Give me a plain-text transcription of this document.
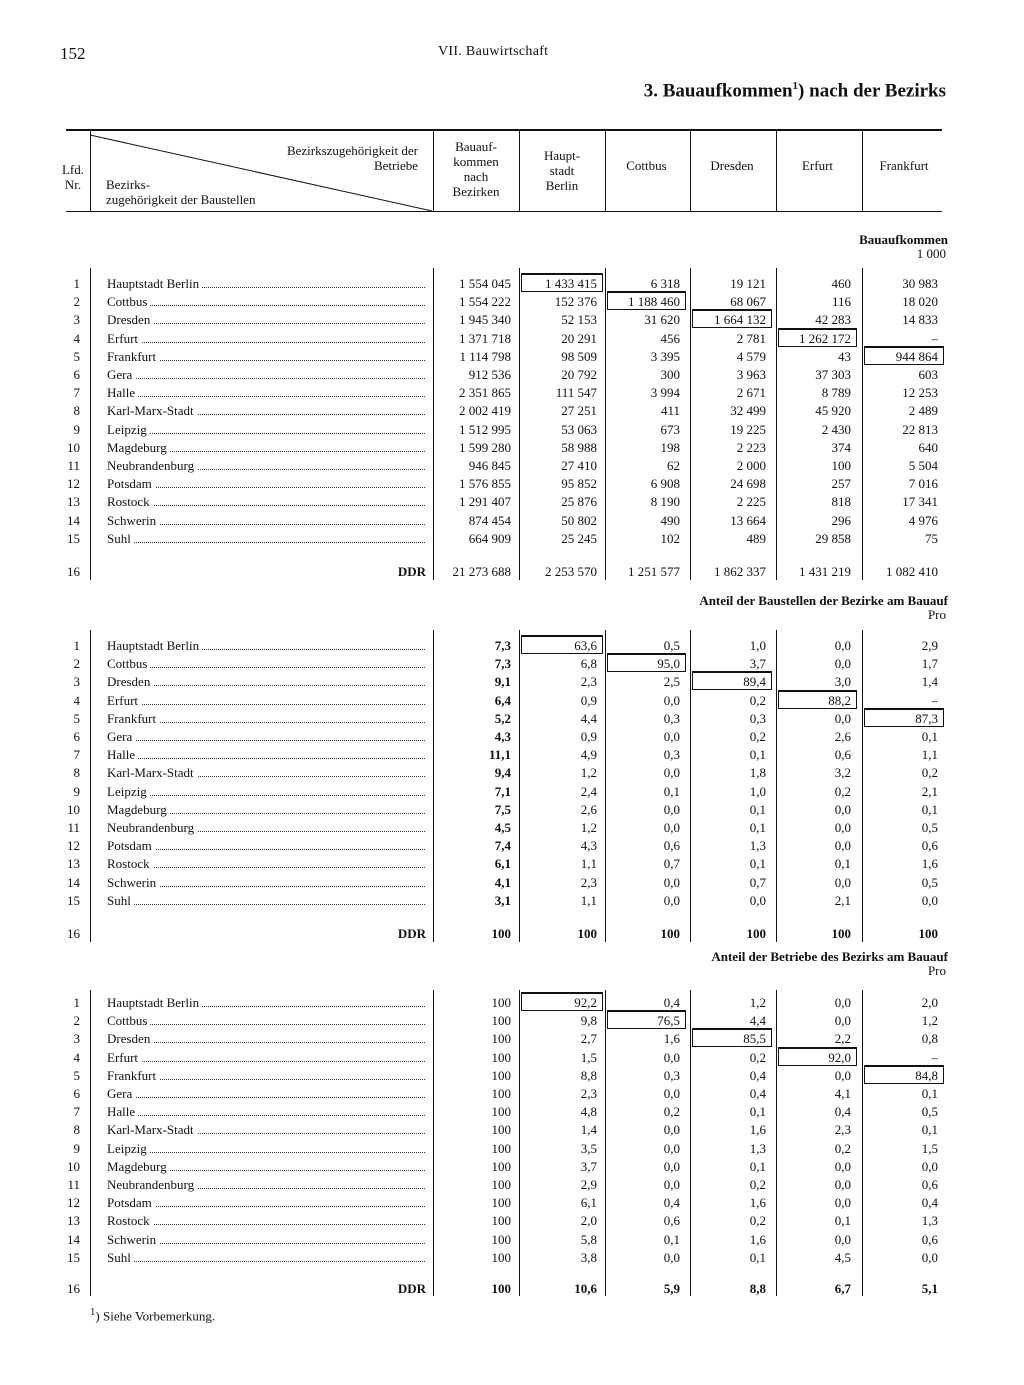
152	VII. Bauwirtschaft
3. Bauaufkommen$^1$) nach der Bezirks
Lfd.
Nr.
Bezirkszugehörigkeit der
Betriebe
Bezirks-
zugehörigkeit der Baustellen
Bauauf-
kommen
nach
Bezirken
Haupt-
stadt
Berlin
Cottbus	Dresden	Erfurt	Frankfurt
Bauaufkommen
1 000
1 Hauptstadt Berlin	1 554 045	1 433 415	6 318	19 121	460	30 983
2 Cottbus	1 554 222	152 376	1 188 460	68 067	116	18 020
3 Dresden	1 945 340	52 153	31 620	1 664 132	42 283	14 833
4 Erfurt	1 371 718	20 291	456	2 781	1 262 172	–
5 Frankfurt	1 114 798	98 509	3 395	4 579	43	944 864
6 Gera	912 536	20 792	300	3 963	37 303	603
7 Halle	2 351 865	111 547	3 994	2 671	8 789	12 253
8 Karl-Marx-Stadt	2 002 419	27 251	411	32 499	45 920	2 489
9 Leipzig	1 512 995	53 063	673	19 225	2 430	22 813
10 Magdeburg	1 599 280	58 988	198	2 223	374	640
11 Neubrandenburg	946 845	27 410	62	2 000	100	5 504
12 Potsdam	1 576 855	95 852	6 908	24 698	257	7 016
13 Rostock	1 291 407	25 876	8 190	2 225	818	17 341
14 Schwerin	874 454	50 802	490	13 664	296	4 976
15 Suhl	664 909	25 245	102	489	29 858	75
16	DDR	21 273 688	2 253 570	1 251 577	1 862 337	1 431 219	1 082 410
Anteil der Baustellen der Bezirke am Bauauf
Pro
1 Hauptstadt Berlin	7,3	63,6	0,5	1,0	0,0	2,9
2 Cottbus	7,3	6,8	95,0	3,7	0,0	1,7
3 Dresden	9,1	2,3	2,5	89,4	3,0	1,4
4 Erfurt	6,4	0,9	0,0	0,2	88,2	–
5 Frankfurt	5,2	4,4	0,3	0,3	0,0	87,3
6 Gera	4,3	0,9	0,0	0,2	2,6	0,1
7 Halle	11,1	4,9	0,3	0,1	0,6	1,1
8 Karl-Marx-Stadt	9,4	1,2	0,0	1,8	3,2	0,2
9 Leipzig	7,1	2,4	0,1	1,0	0,2	2,1
10 Magdeburg	7,5	2,6	0,0	0,1	0,0	0,1
11 Neubrandenburg	4,5	1,2	0,0	0,1	0,0	0,5
12 Potsdam	7,4	4,3	0,6	1,3	0,0	0,6
13 Rostock	6,1	1,1	0,7	0,1	0,1	1,6
14 Schwerin	4,1	2,3	0,0	0,7	0,0	0,5
15 Suhl	3,1	1,1	0,0	0,0	2,1	0,0
16	DDR	100	100	100	100	100	100
Anteil der Betriebe des Bezirks am Bauauf
Pro
1 Hauptstadt Berlin	100	92,2	0,4	1,2	0,0	2,0
2 Cottbus	100	9,8	76,5	4,4	0,0	1,2
3 Dresden	100	2,7	1,6	85,5	2,2	0,8
4 Erfurt	100	1,5	0,0	0,2	92,0	–
5 Frankfurt	100	8,8	0,3	0,4	0,0	84,8
6 Gera	100	2,3	0,0	0,4	4,1	0,1
7 Halle	100	4,8	0,2	0,1	0,4	0,5
8 Karl-Marx-Stadt	100	1,4	0,0	1,6	2,3	0,1
9 Leipzig	100	3,5	0,0	1,3	0,2	1,5
10 Magdeburg	100	3,7	0,0	0,1	0,0	0,0
11 Neubrandenburg	100	2,9	0,0	0,2	0,0	0,6
12 Potsdam	100	6,1	0,4	1,6	0,0	0,4
13 Rostock	100	2,0	0,6	0,2	0,1	1,3
14 Schwerin	100	5,8	0,1	1,6	0,0	0,6
15 Suhl	100	3,8	0,0	0,1	4,5	0,0
16	DDR	100	10,6	5,9	8,8	6,7	5,1
$^1$) Siehe Vorbemerkung.
